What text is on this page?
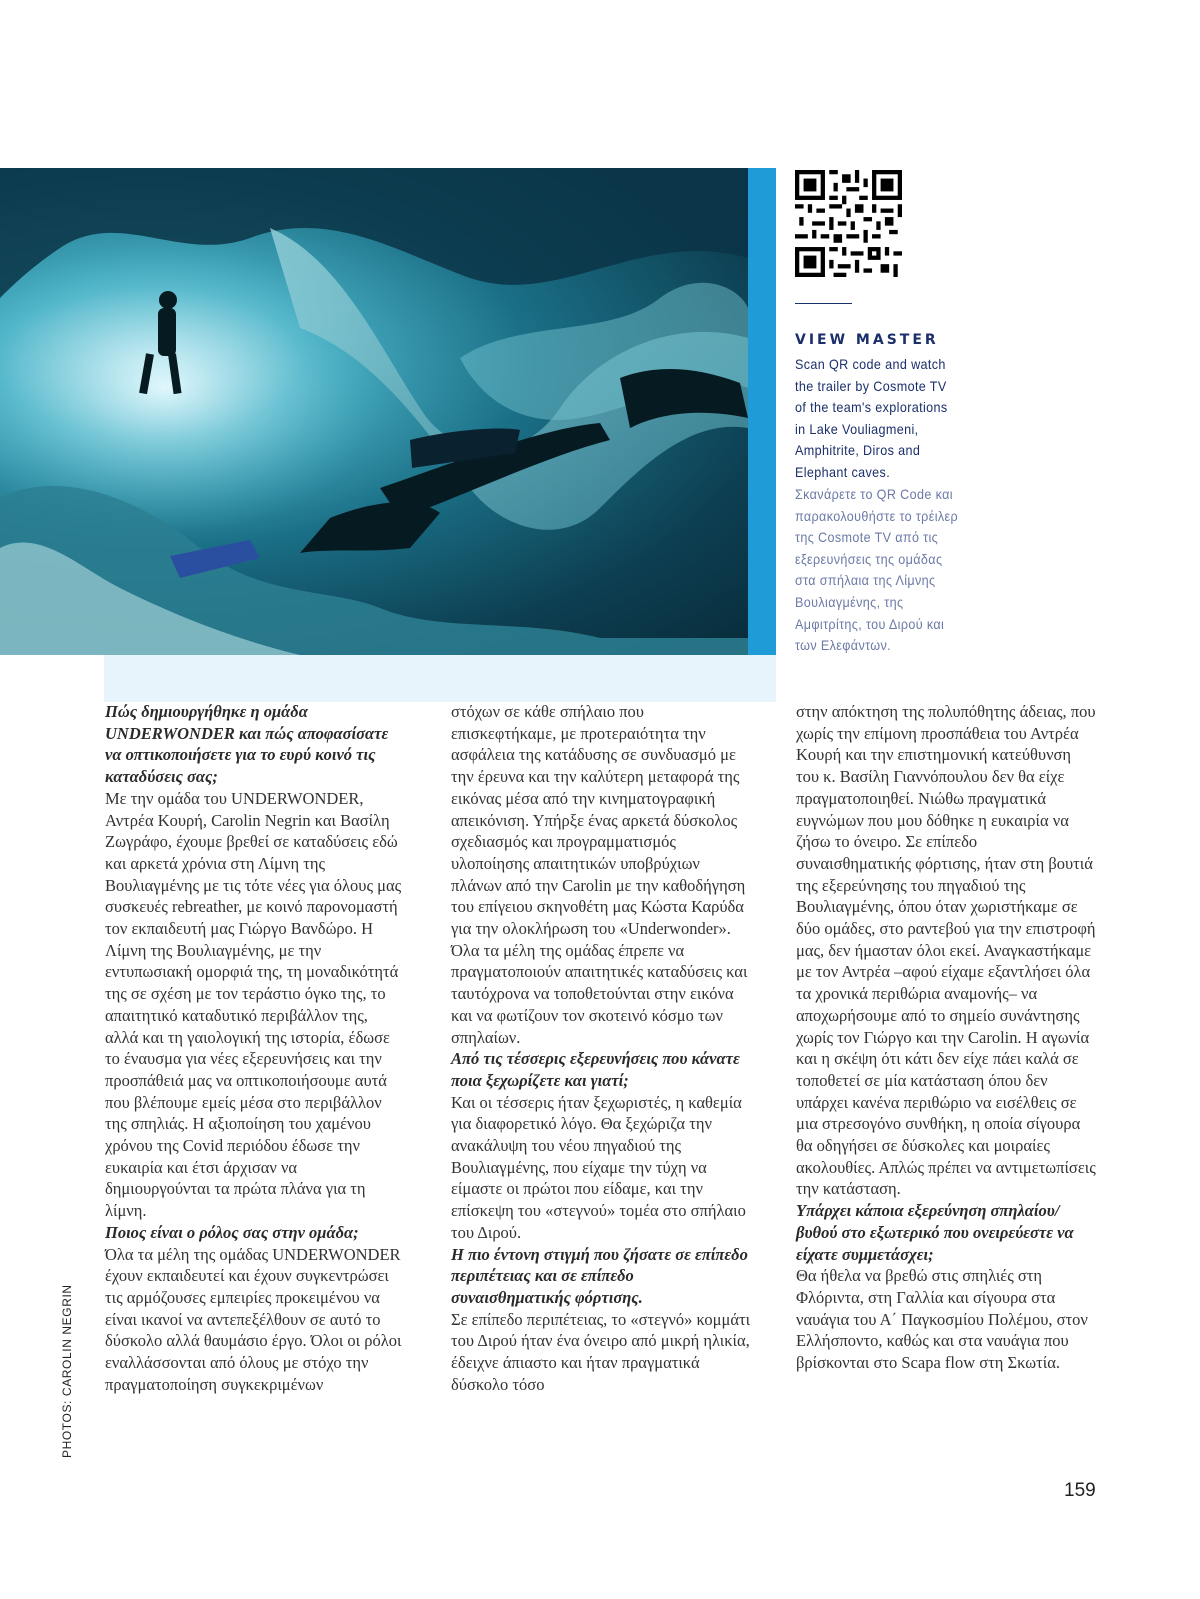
VIEW MASTER
Scan QR code and watch the trailer by Cosmote TV of the team's explorations in Lake Vouliagmeni, Amphitrite, Diros and Elephant caves.
Σκανάρετε το QR Code και παρακολουθήστε το τρέιλερ της Cosmote TV από τις εξερευνήσεις της ομάδας στα σπήλαια της Λίμνης Βουλιαγμένης, της Αμφιτρίτης, του Διρού και των Ελεφάντων.

Πώς δημιουργήθηκε η ομάδα UNDERWONDER και πώς αποφασίσατε να οπτικοποιήσετε για το ευρύ κοινό τις καταδύσεις σας;

Με την ομάδα του UNDERWONDER, Αντρέα Κουρή, Carolin Negrin και Βασίλη Ζωγράφο, έχουμε βρεθεί σε καταδύσεις εδώ και αρκετά χρόνια στη Λίμνη της Βουλιαγμένης με τις τότε νέες για όλους μας συσκευές rebreather, με κοινό παρονομαστή τον εκπαιδευτή μας Γιώργο Βανδώρο. Η Λίμνη της Βουλιαγμένης, με την εντυπωσιακή ομορφιά της, τη μοναδικότητά της σε σχέση με τον τεράστιο όγκο της, το απαιτητικό καταδυτικό περιβάλλον της, αλλά και τη γαιολογική της ιστορία, έδωσε το έναυσμα για νέες εξερευνήσεις και την προσπάθειά μας να οπτικοποιήσουμε αυτά που βλέπουμε εμείς μέσα στο περιβάλλον της σπηλιάς. Η αξιοποίηση του χαμένου χρόνου της Covid περιόδου έδωσε την ευκαιρία και έτσι άρχισαν να δημιουργούνται τα πρώτα πλάνα για τη λίμνη.

Ποιος είναι ο ρόλος σας στην ομάδα;

Όλα τα μέλη της ομάδας UNDERWONDER έχουν εκπαιδευτεί και έχουν συγκεντρώσει τις αρμόζουσες εμπειρίες προκειμένου να είναι ικανοί να αντεπεξέλθουν σε αυτό το δύσκολο αλλά θαυμάσιο έργο. Όλοι οι ρόλοι εναλλάσσονται από όλους με στόχο την πραγματοποίηση συγκεκριμένων

στόχων σε κάθε σπήλαιο που επισκεφτήκαμε, με προτεραιότητα την ασφάλεια της κατάδυσης σε συνδυασμό με την έρευνα και την καλύτερη μεταφορά της εικόνας μέσα από την κινηματογραφική απεικόνιση. Υπήρξε ένας αρκετά δύσκολος σχεδιασμός και προγραμματισμός υλοποίησης απαιτητικών υποβρύχιων πλάνων από την Carolin με την καθοδήγηση του επίγειου σκηνοθέτη μας Κώστα Καρύδα για την ολοκλήρωση του «Underwonder». Όλα τα μέλη της ομάδας έπρεπε να πραγματοποιούν απαιτητικές καταδύσεις και ταυτόχρονα να τοποθετούνται στην εικόνα και να φωτίζουν τον σκοτεινό κόσμο των σπηλαίων.

Από τις τέσσερις εξερευνήσεις που κάνατε ποια ξεχωρίζετε και γιατί;

Και οι τέσσερις ήταν ξεχωριστές, η καθεμία για διαφορετικό λόγο. Θα ξεχώριζα την ανακάλυψη του νέου πηγαδιού της Βουλιαγμένης, που είχαμε την τύχη να είμαστε οι πρώτοι που είδαμε, και την επίσκεψη του «στεγνού» τομέα στο σπήλαιο του Διρού.

Η πιο έντονη στιγμή που ζήσατε σε επίπεδο περιπέτειας και σε επίπεδο συναισθηματικής φόρτισης.

Σε επίπεδο περιπέτειας, το «στεγνό» κομμάτι του Διρού ήταν ένα όνειρο από μικρή ηλικία, έδειχνε άπιαστο και ήταν πραγματικά δύσκολο τόσο

στην απόκτηση της πολυπόθητης άδειας, που χωρίς την επίμονη προσπάθεια του Αντρέα Κουρή και την επιστημονική κατεύθυνση του κ. Βασίλη Γιαννόπουλου δεν θα είχε πραγματοποιηθεί. Νιώθω πραγματικά ευγνώμων που μου δόθηκε η ευκαιρία να ζήσω το όνειρο. Σε επίπεδο συναισθηματικής φόρτισης, ήταν στη βουτιά της εξερεύνησης του πηγαδιού της Βουλιαγμένης, όπου όταν χωριστήκαμε σε δύο ομάδες, στο ραντεβού για την επιστροφή μας, δεν ήμασταν όλοι εκεί. Αναγκαστήκαμε με τον Αντρέα –αφού είχαμε εξαντλήσει όλα τα χρονικά περιθώρια αναμονής– να αποχωρήσουμε από το σημείο συνάντησης χωρίς τον Γιώργο και την Carolin. Η αγωνία και η σκέψη ότι κάτι δεν είχε πάει καλά σε τοποθετεί σε μία κατάσταση όπου δεν υπάρχει κανένα περιθώριο να εισέλθεις σε μια στρεσογόνο συνθήκη, η οποία σίγουρα θα οδηγήσει σε δύσκολες και μοιραίες ακολουθίες. Απλώς πρέπει να αντιμετωπίσεις την κατάσταση.

Υπάρχει κάποια εξερεύνηση σπηλαίου/ βυθού στο εξωτερικό που ονειρεύεστε να είχατε συμμετάσχει;

Θα ήθελα να βρεθώ στις σπηλιές στη Φλόριντα, στη Γαλλία και σίγουρα στα ναυάγια του Α΄ Παγκοσμίου Πολέμου, στον Ελλήσποντο, καθώς και στα ναυάγια που βρίσκονται στο Scapa flow στη Σκωτία.

PHOTOS: CAROLIN NEGRIN
159
